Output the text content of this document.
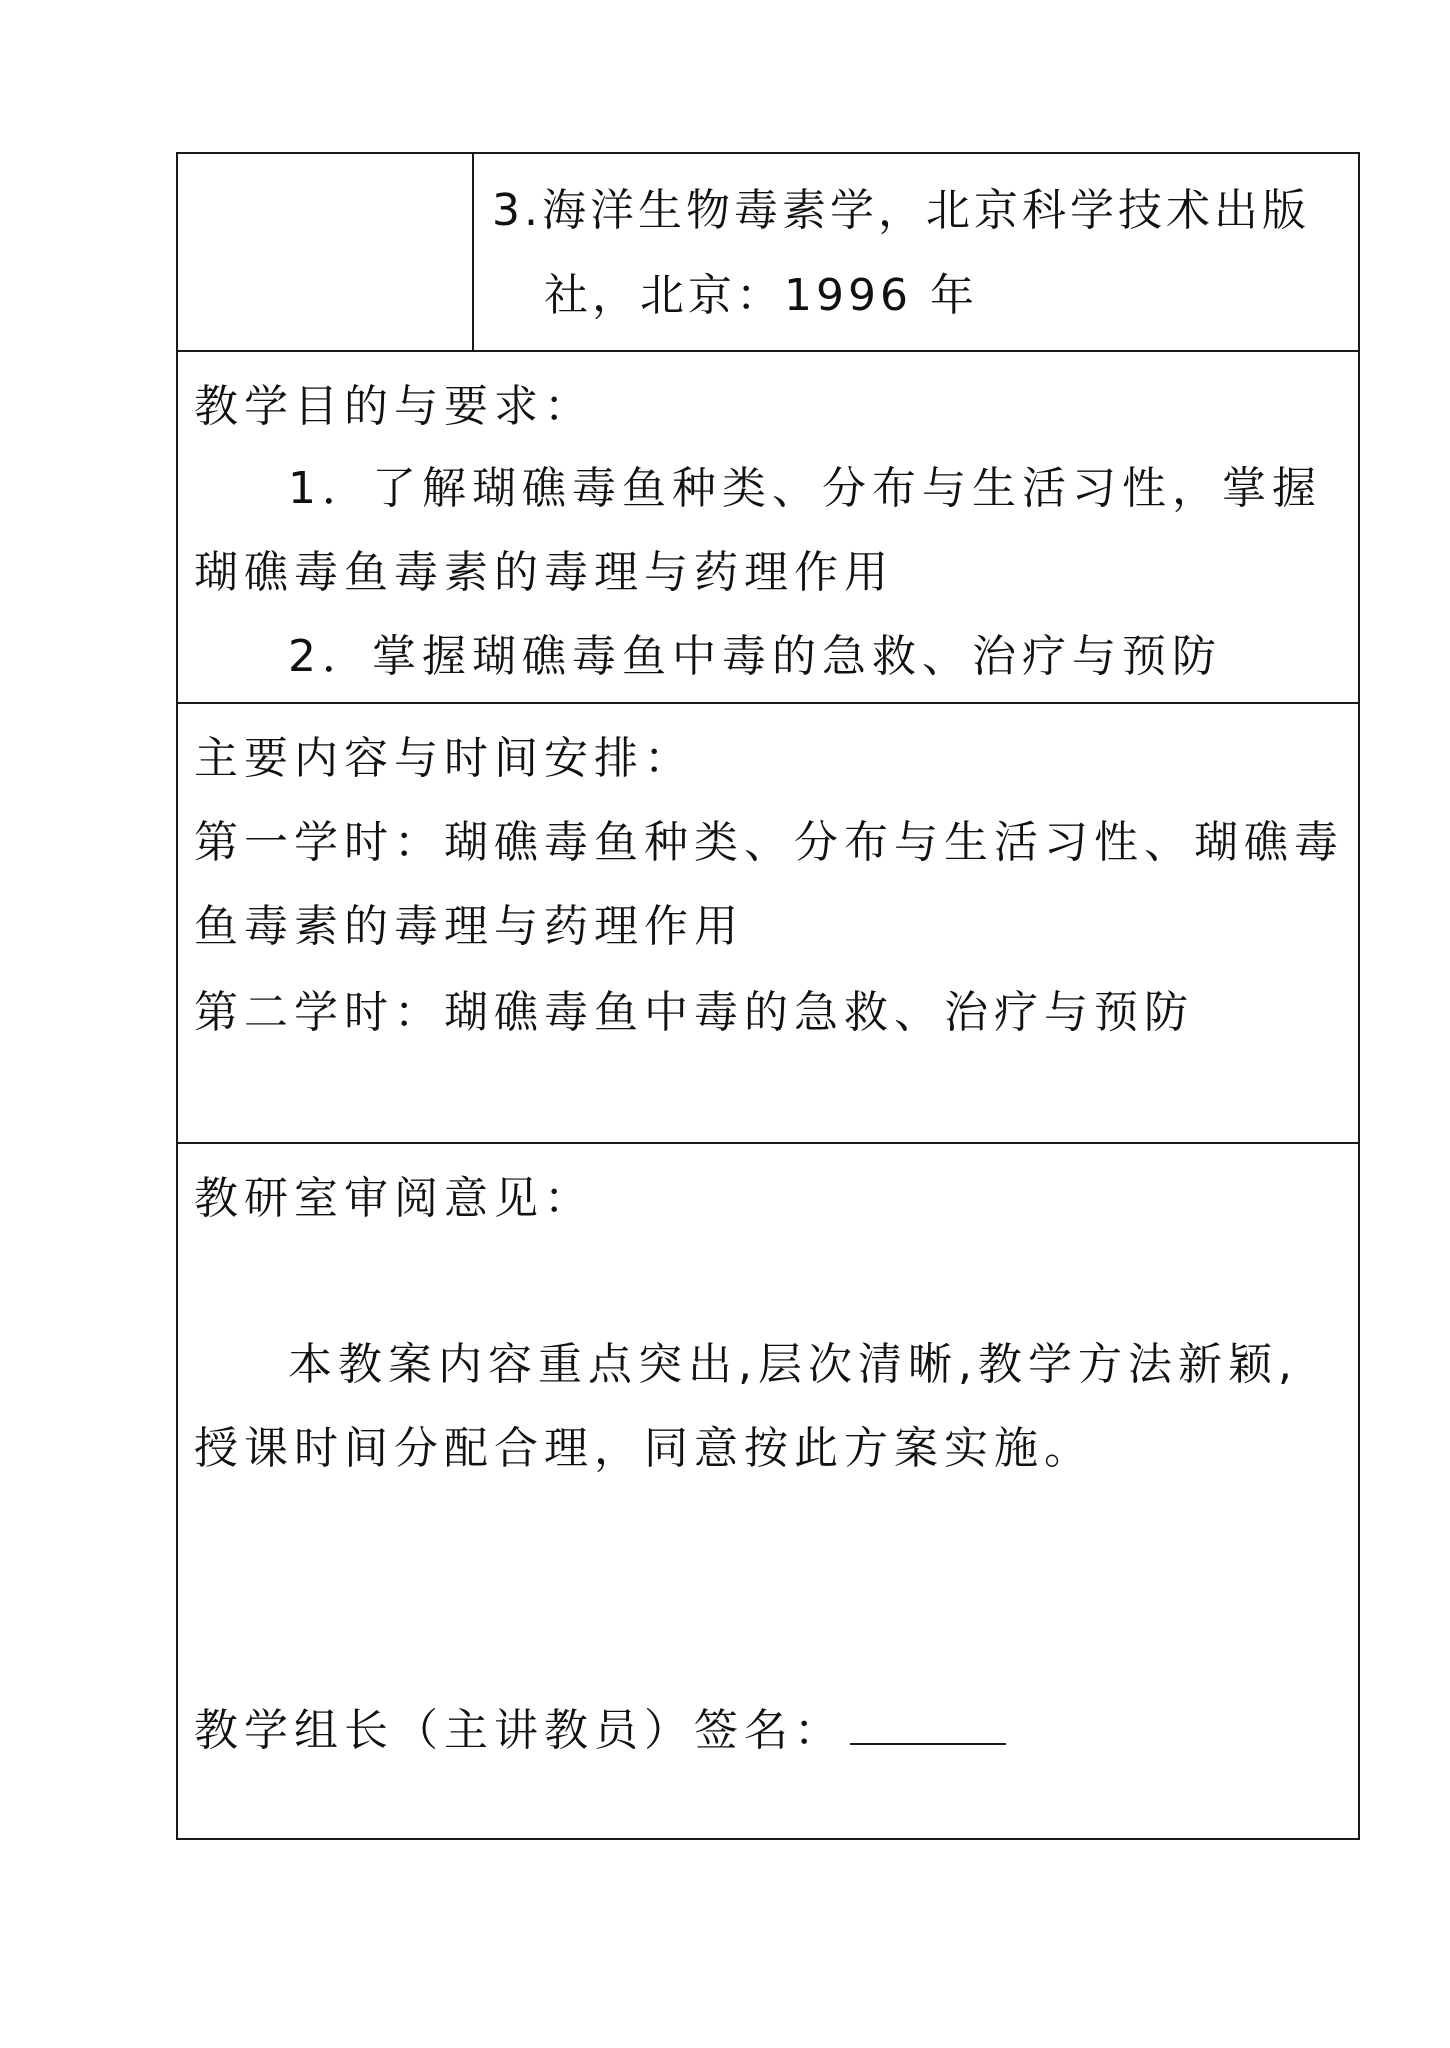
3.海洋生物毒素学，北京科学技术出版
社，北京：1996 年
教学目的与要求：
1．了解瑚礁毒鱼种类、分布与生活习性，掌握
瑚礁毒鱼毒素的毒理与药理作用
2．掌握瑚礁毒鱼中毒的急救、治疗与预防
主要内容与时间安排：
第一学时：瑚礁毒鱼种类、分布与生活习性、瑚礁毒
鱼毒素的毒理与药理作用
第二学时：瑚礁毒鱼中毒的急救、治疗与预防
教研室审阅意见：
本教案内容重点突出,层次清晰,教学方法新颖,
授课时间分配合理，同意按此方案实施。
教学组长（主讲教员）签名：
